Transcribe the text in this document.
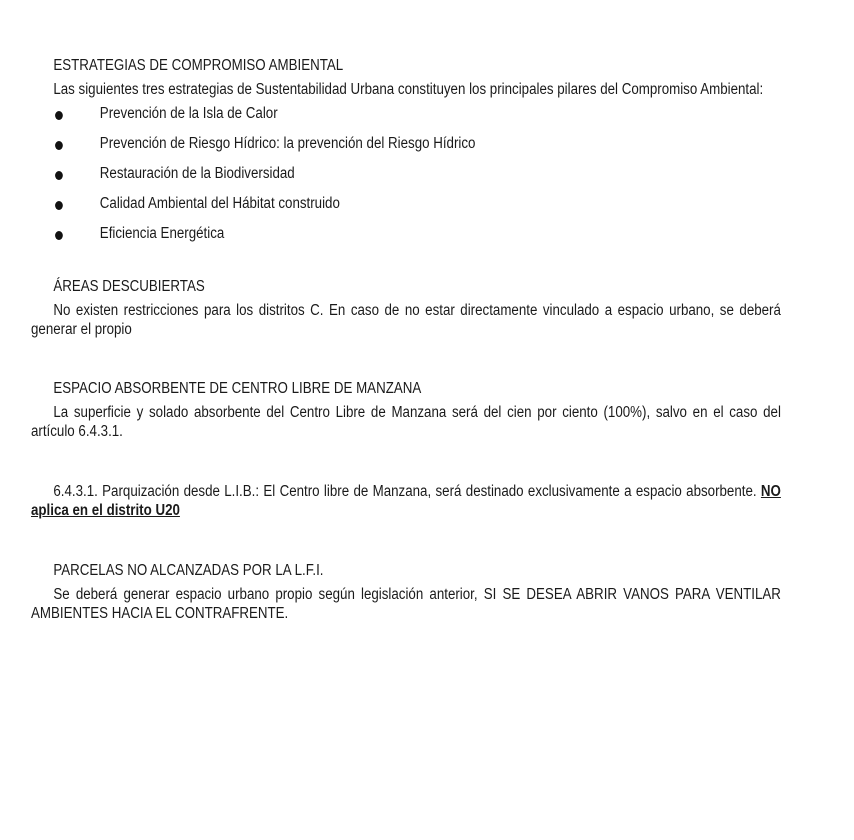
ESTRATEGIAS DE COMPROMISO AMBIENTAL

Las siguientes tres estrategias de Sustentabilidad Urbana constituyen los principales pilares del Compromiso Ambiental:

Prevención de la Isla de Calor
Prevención de Riesgo Hídrico: la prevención del Riesgo Hídrico
Restauración de la Biodiversidad
Calidad Ambiental del Hábitat construido
Eficiencia Energética
ÁREAS DESCUBIERTAS

No existen restricciones para los distritos C. En caso de no estar directamente vinculado a espacio urbano, se deberá generar el propio

ESPACIO ABSORBENTE DE CENTRO LIBRE DE MANZANA

La superficie y solado absorbente del Centro Libre de Manzana será del cien por ciento (100%), salvo en el caso del artículo 6.4.3.1.

6.4.3.1. Parquización desde L.I.B.: El Centro libre de Manzana, será destinado exclusivamente a espacio absorbente. NO aplica en el distrito U20

PARCELAS NO ALCANZADAS POR LA L.F.I.

Se deberá generar espacio urbano propio según legislación anterior, SI SE DESEA ABRIR VANOS PARA VENTILAR AMBIENTES HACIA EL CONTRAFRENTE.
